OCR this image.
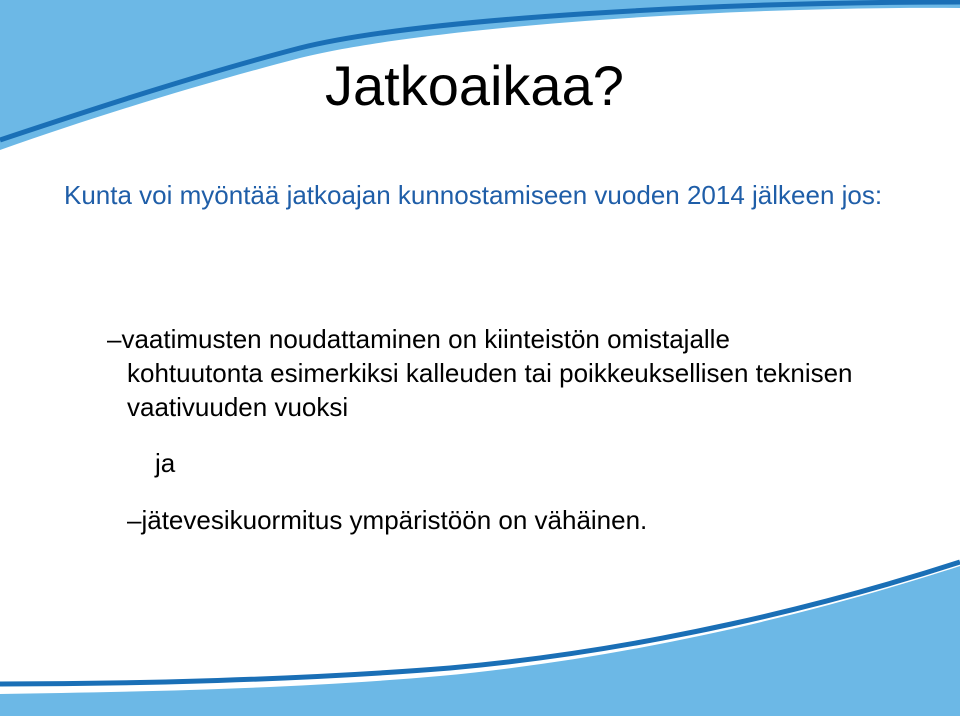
Jatkoaikaa?

Kunta voi myöntää jatkoajan kunnostamiseen vuoden 2014 jälkeen jos:

–vaatimusten noudattaminen on kiinteistön omistajalle kohtuutonta esimerkiksi kalleuden tai poikkeuksellisen teknisen vaativuuden vuoksi

ja

–jätevesikuormitus ympäristöön on vähäinen.
